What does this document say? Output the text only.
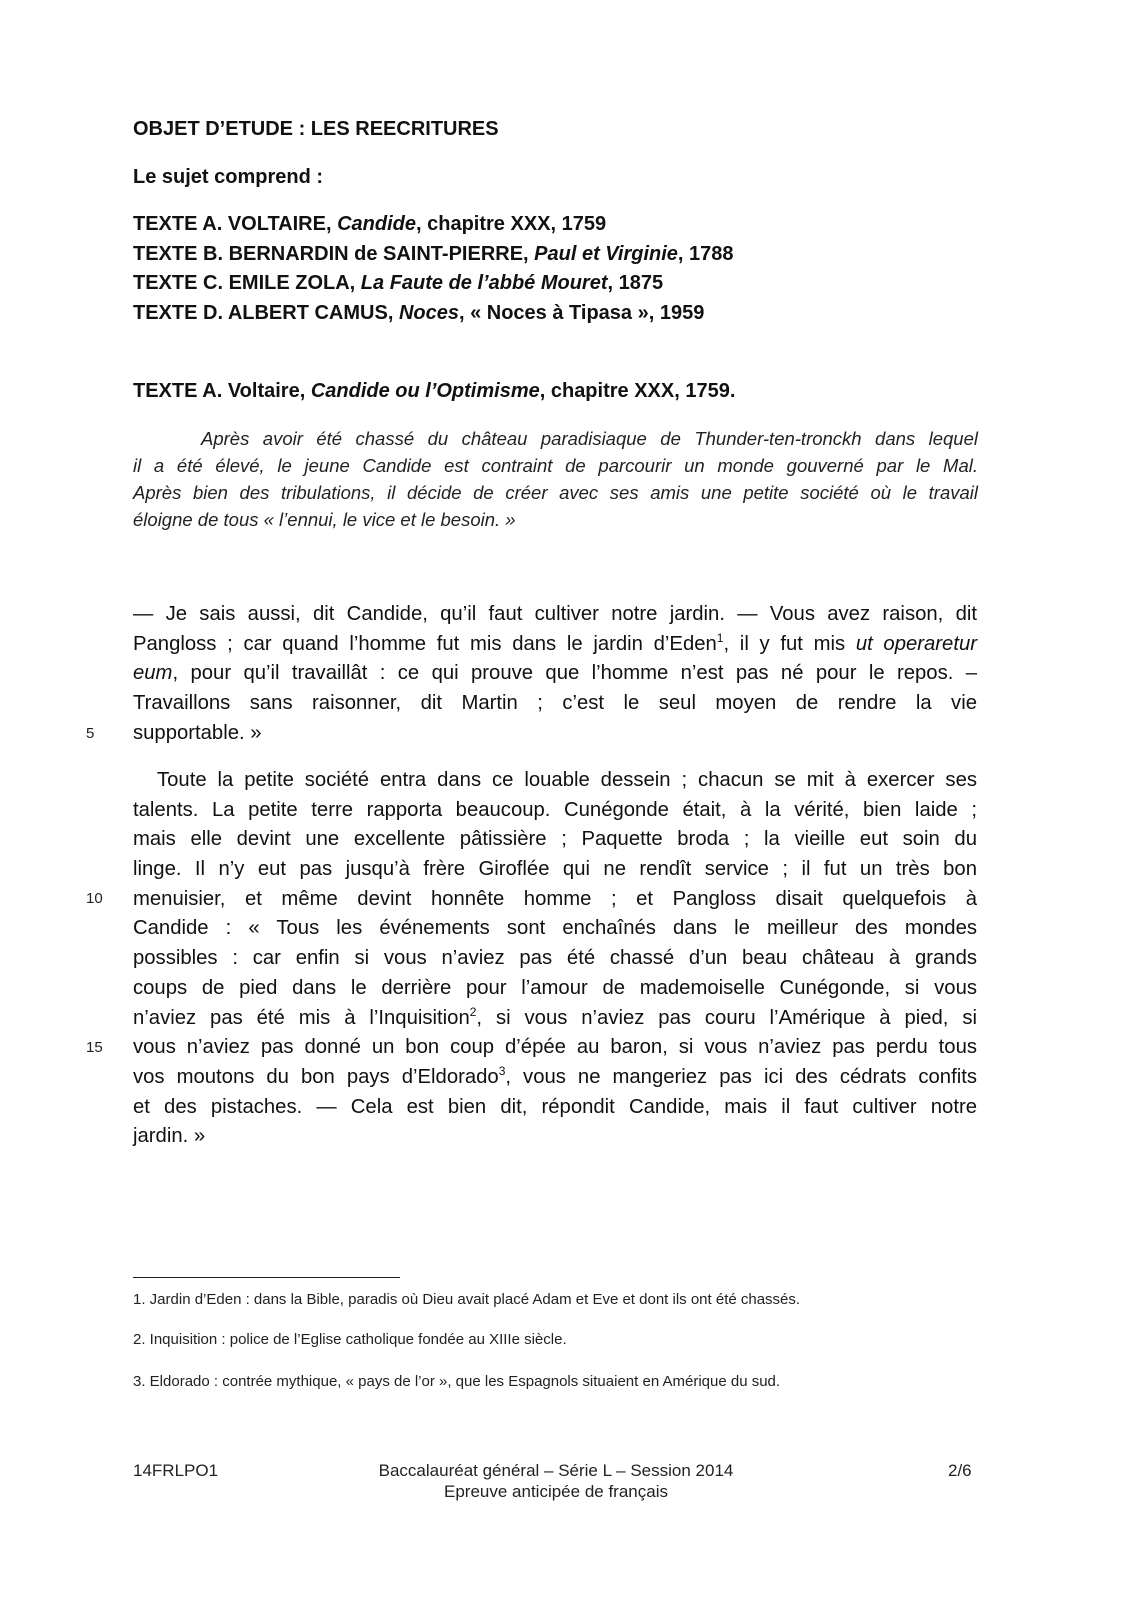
OBJET D’ETUDE : LES REECRITURES
Le sujet comprend :
TEXTE A. VOLTAIRE, Candide, chapitre XXX, 1759
TEXTE B. BERNARDIN de SAINT-PIERRE, Paul et Virginie, 1788
TEXTE C. EMILE ZOLA, La Faute de l’abbé Mouret, 1875
TEXTE D. ALBERT CAMUS, Noces, « Noces à Tipasa », 1959
TEXTE A. Voltaire, Candide ou l’Optimisme, chapitre XXX, 1759.
Après avoir été chassé du château paradisiaque de Thunder-ten-tronckh dans lequel
il a été élevé, le jeune Candide est contraint de parcourir un monde gouverné par le Mal.
Après bien des tribulations, il décide de créer avec ses amis une petite société où le travail
éloigne de tous « l’ennui, le vice et le besoin. »
— Je sais aussi, dit Candide, qu’il faut cultiver notre jardin. — Vous avez raison, dit
Pangloss ; car quand l’homme fut mis dans le jardin d’Eden$^1$, il y fut mis ut operaretur
eum, pour qu’il travaillât : ce qui prouve que l’homme n’est pas né pour le repos. –
Travaillons sans raisonner, dit Martin ; c’est le seul moyen de rendre la vie
supportable. »
Toute la petite société entra dans ce louable dessein ; chacun se mit à exercer ses
talents. La petite terre rapporta beaucoup. Cunégonde était, à la vérité, bien laide ;
mais elle devint une excellente pâtissière ; Paquette broda ; la vieille eut soin du
linge. Il n’y eut pas jusqu’à frère Giroflée qui ne rendît service ; il fut un très bon
menuisier, et même devint honnête homme ; et Pangloss disait quelquefois à
Candide : « Tous les événements sont enchaînés dans le meilleur des mondes
possibles : car enfin si vous n’aviez pas été chassé d’un beau château à grands
coups de pied dans le derrière pour l’amour de mademoiselle Cunégonde, si vous
n’aviez pas été mis à l’Inquisition$^2$, si vous n’aviez pas couru l’Amérique à pied, si
vous n’aviez pas donné un bon coup d’épée au baron, si vous n’aviez pas perdu tous
vos moutons du bon pays d’Eldorado$^3$, vous ne mangeriez pas ici des cédrats confits
et des pistaches. — Cela est bien dit, répondit Candide, mais il faut cultiver notre
jardin. »
5
10
15
1. Jardin d’Eden : dans la Bible, paradis où Dieu avait placé Adam et Eve et dont ils ont été chassés.
2. Inquisition : police de l’Eglise catholique fondée au XIIIe siècle.
3. Eldorado : contrée mythique, « pays de l’or », que les Espagnols situaient en Amérique du sud.
14FRLPO1	Baccalauréat général – Série L – Session 2014
Epreuve anticipée de français
2/6
